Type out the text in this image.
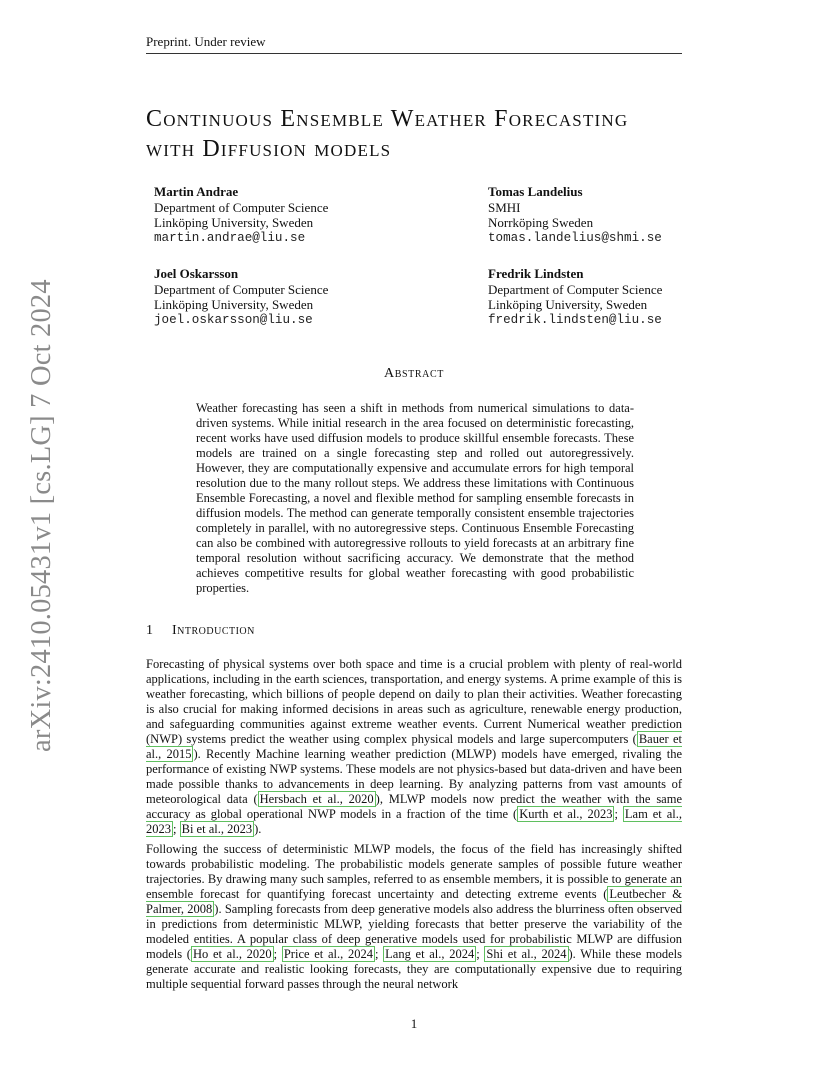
Preprint. Under review
arXiv:2410.05431v1 [cs.LG] 7 Oct 2024
Continuous Ensemble Weather Forecasting
with Diffusion models
Martin Andrae
Department of Computer Science
Linköping University, Sweden
martin.andrae@liu.se
Tomas Landelius
SMHI
Norrköping Sweden
tomas.landelius@shmi.se
Joel Oskarsson
Department of Computer Science
Linköping University, Sweden
joel.oskarsson@liu.se
Fredrik Lindsten
Department of Computer Science
Linköping University, Sweden
fredrik.lindsten@liu.se
Abstract

Weather forecasting has seen a shift in methods from numerical simulations to data-driven systems. While initial research in the area focused on deterministic forecasting, recent works have used diffusion models to produce skillful ensemble forecasts. These models are trained on a single forecasting step and rolled out autoregressively. However, they are computationally expensive and accumulate errors for high temporal resolution due to the many rollout steps. We address these limitations with Continuous Ensemble Forecasting, a novel and flexible method for sampling ensemble forecasts in diffusion models. The method can generate temporally consistent ensemble trajectories completely in parallel, with no autoregressive steps. Continuous Ensemble Forecasting can also be combined with autoregressive rollouts to yield forecasts at an arbitrary fine temporal resolution without sacrificing accuracy. We demonstrate that the method achieves competitive results for global weather forecasting with good probabilistic properties.

1 Introduction

Forecasting of physical systems over both space and time is a crucial problem with plenty of real-world applications, including in the earth sciences, transportation, and energy systems. A prime example of this is weather forecasting, which billions of people depend on daily to plan their activities. Weather forecasting is also crucial for making informed decisions in areas such as agriculture, renewable energy production, and safeguarding communities against extreme weather events. Current Numerical weather prediction (NWP) systems predict the weather using complex physical models and large supercomputers ( Bauer et al., 2015 ). Recently Machine learning weather prediction (MLWP) models have emerged, rivaling the performance of existing NWP systems. These models are not physics-based but data-driven and have been made possible thanks to advancements in deep learning. By analyzing patterns from vast amounts of meteorological data ( Hersbach et al., 2020 ), MLWP models now predict the weather with the same accuracy as global operational NWP models in a fraction of the time ( Kurth et al., 2023 ; Lam et al., 2023 ; Bi et al., 2023 ).

Following the success of deterministic MLWP models, the focus of the field has increasingly shifted towards probabilistic modeling. The probabilistic models generate samples of possible future weather trajectories. By drawing many such samples, referred to as ensemble members, it is possible to generate an ensemble forecast for quantifying forecast uncertainty and detecting extreme events ( Leutbecher & Palmer, 2008 ). Sampling forecasts from deep generative models also address the blurriness often observed in predictions from deterministic MLWP, yielding forecasts that better preserve the variability of the modeled entities. A popular class of deep generative models used for probabilistic MLWP are diffusion models ( Ho et al., 2020 ; Price et al., 2024 ; Lang et al., 2024 ; Shi et al., 2024 ). While these models generate accurate and realistic looking forecasts, they are computationally expensive due to requiring multiple sequential forward passes through the neural network

1
